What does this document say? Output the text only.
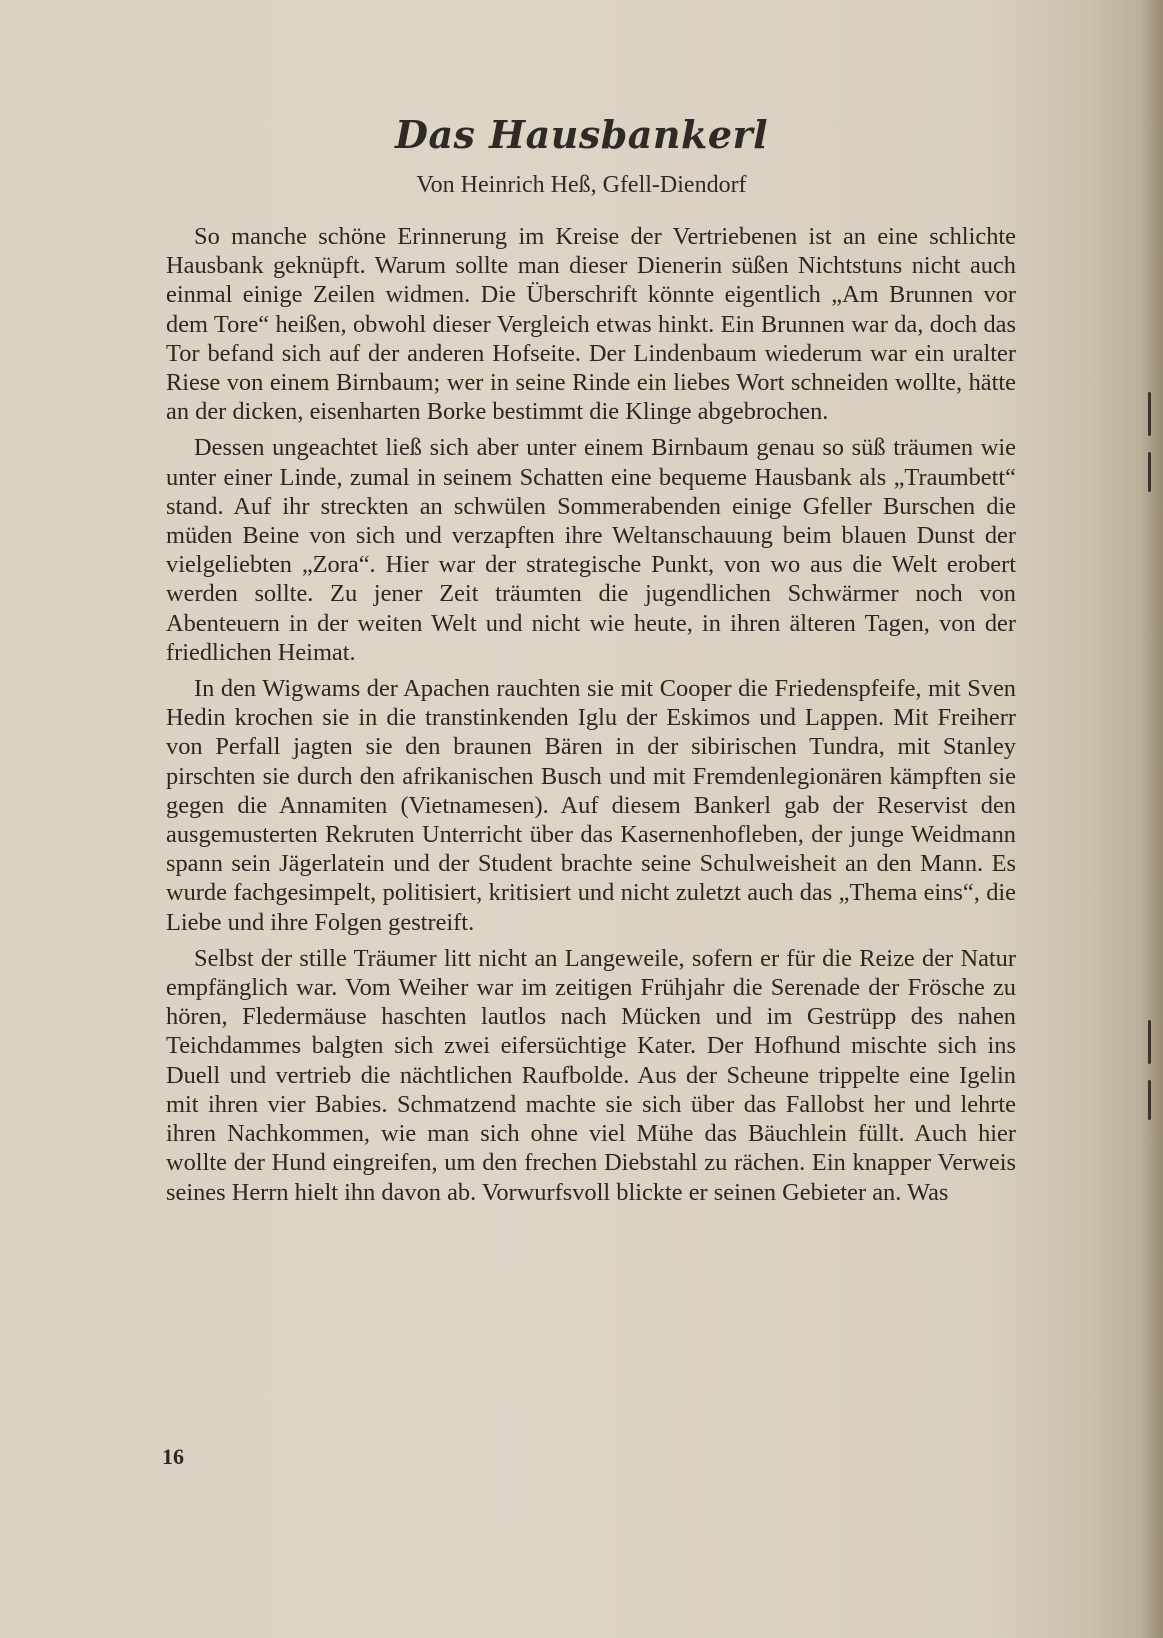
Das Hausbankerl
Von Heinrich Heß, Gfell-Diendorf

So manche schöne Erinnerung im Kreise der Vertriebenen ist an eine schlichte Hausbank geknüpft. Warum sollte man dieser Dienerin süßen Nichtstuns nicht auch einmal einige Zeilen widmen. Die Überschrift könnte eigentlich „Am Brunnen vor dem Tore“ heißen, obwohl dieser Vergleich etwas hinkt. Ein Brunnen war da, doch das Tor befand sich auf der anderen Hofseite. Der Lindenbaum wiederum war ein uralter Riese von einem Birnbaum; wer in seine Rinde ein liebes Wort schneiden wollte, hätte an der dicken, eisenharten Borke bestimmt die Klinge abgebrochen.

Dessen ungeachtet ließ sich aber unter einem Birnbaum genau so süß träumen wie unter einer Linde, zumal in seinem Schatten eine bequeme Hausbank als „Traumbett“ stand. Auf ihr streckten an schwülen Sommerabenden einige Gfeller Burschen die müden Beine von sich und verzapften ihre Weltanschauung beim blauen Dunst der vielgeliebten „Zora“. Hier war der strategische Punkt, von wo aus die Welt erobert werden sollte. Zu jener Zeit träumten die jugendlichen Schwärmer noch von Abenteuern in der weiten Welt und nicht wie heute, in ihren älteren Tagen, von der friedlichen Heimat.

In den Wigwams der Apachen rauchten sie mit Cooper die Friedenspfeife, mit Sven Hedin krochen sie in die transtinkenden Iglu der Eskimos und Lappen. Mit Freiherr von Perfall jagten sie den braunen Bären in der sibirischen Tundra, mit Stanley pirschten sie durch den afrikanischen Busch und mit Fremdenlegionären kämpften sie gegen die Annamiten (Vietnamesen). Auf diesem Bankerl gab der Reservist den ausgemusterten Rekruten Unterricht über das Kasernenhofleben, der junge Weidmann spann sein Jägerlatein und der Student brachte seine Schulweisheit an den Mann. Es wurde fachgesimpelt, politisiert, kritisiert und nicht zuletzt auch das „Thema eins“, die Liebe und ihre Folgen gestreift.

Selbst der stille Träumer litt nicht an Langeweile, sofern er für die Reize der Natur empfänglich war. Vom Weiher war im zeitigen Frühjahr die Serenade der Frösche zu hören, Fledermäuse haschten lautlos nach Mücken und im Gestrüpp des nahen Teichdammes balgten sich zwei eifersüchtige Kater. Der Hofhund mischte sich ins Duell und vertrieb die nächtlichen Raufbolde. Aus der Scheune trippelte eine Igelin mit ihren vier Babies. Schmatzend machte sie sich über das Fallobst her und lehrte ihren Nachkommen, wie man sich ohne viel Mühe das Bäuchlein füllt. Auch hier wollte der Hund eingreifen, um den frechen Diebstahl zu rächen. Ein knapper Verweis seines Herrn hielt ihn davon ab. Vorwurfsvoll blickte er seinen Gebieter an. Was

16
